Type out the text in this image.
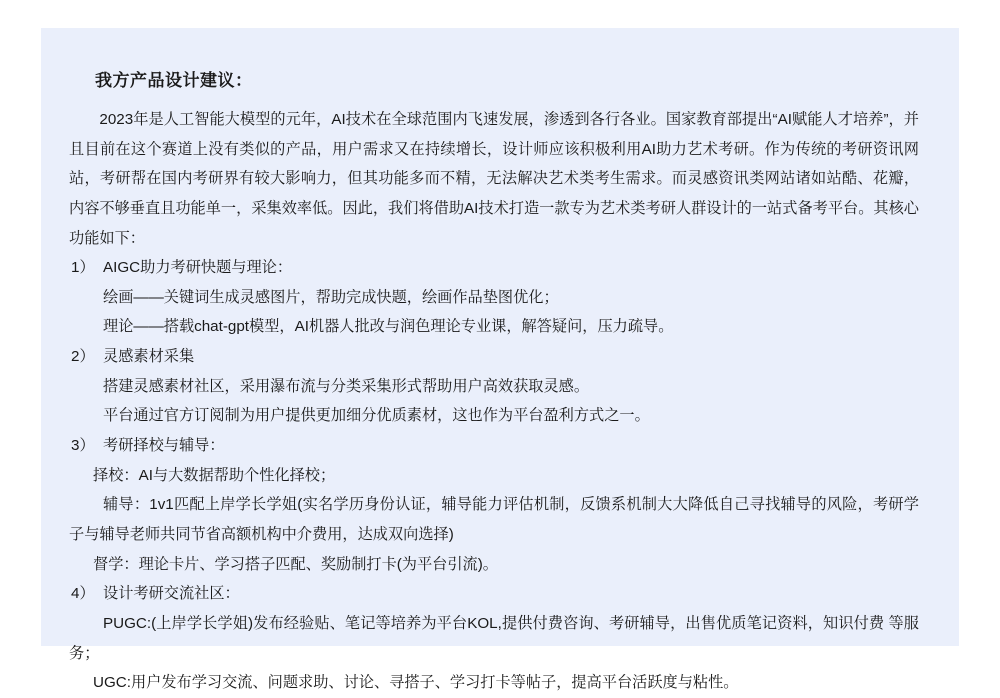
我方产品设计建议：

2023年是人工智能大模型的元年，AI技术在全球范围内飞速发展，渗透到各行各业。国家教育部提出“AI赋能人才培养”，并且目前在这个赛道上没有类似的产品，用户需求又在持续增长，设计师应该积极利用AI助力艺术考研。作为传统的考研资讯网站，考研帮在国内考研界有较大影响力，但其功能多而不精，无法解决艺术类考生需求。而灵感资讯类网站诸如站酷、花瓣，内容不够垂直且功能单一，采集效率低。因此，我们将借助AI技术打造一款专为艺术类考研人群设计的一站式备考平台。其核心功能如下：

1） AIGC助力考研快题与理论：
绘画——关键词生成灵感图片，帮助完成快题，绘画作品垫图优化；
理论——搭载chat-gpt模型，AI机器人批改与润色理论专业课，解答疑问，压力疏导。
2） 灵感素材采集
搭建灵感素材社区，采用瀑布流与分类采集形式帮助用户高效获取灵感。
平台通过官方订阅制为用户提供更加细分优质素材，这也作为平台盈利方式之一。
3） 考研择校与辅导：
择校：AI与大数据帮助个性化择校；
辅导：1v1匹配上岸学长学姐(实名学历身份认证，辅导能力评估机制，反馈系机制大大降低自己寻找辅导的风险，考研学子与辅导老师共同节省高额机构中介费用，达成双向选择)
督学：理论卡片、学习搭子匹配、奖励制打卡(为平台引流)。
4） 设计考研交流社区：
PUGC:(上岸学长学姐)发布经验贴、笔记等培养为平台KOL,提供付费咨询、考研辅导，出售优质笔记资料，知识付费 等服务；
UGC:用户发布学习交流、问题求助、讨论、寻搭子、学习打卡等帖子，提高平台活跃度与粘性。
